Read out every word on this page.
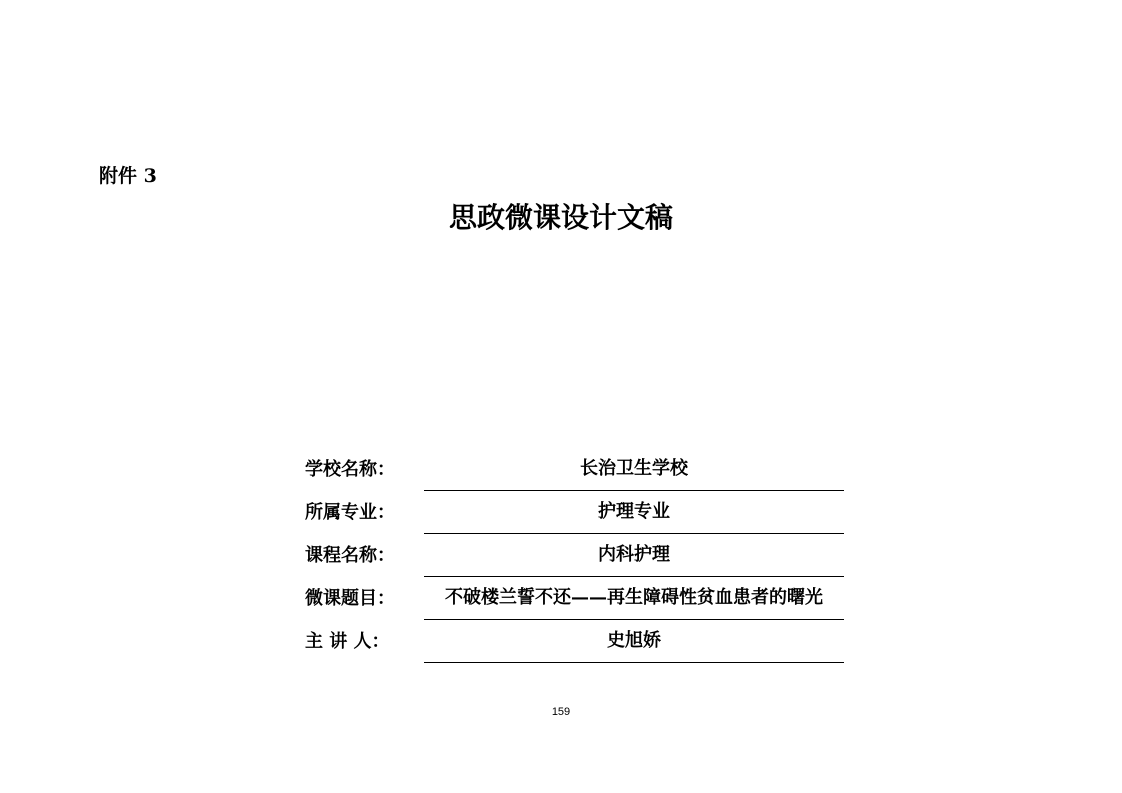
附件 3
思政微课设计文稿
学校名称：	长治卫生学校
所属专业：	护理专业
课程名称：	内科护理
微课题目：	不破楼兰誓不还——再生障碍性贫血患者的曙光
主 讲 人：	史旭娇
159
